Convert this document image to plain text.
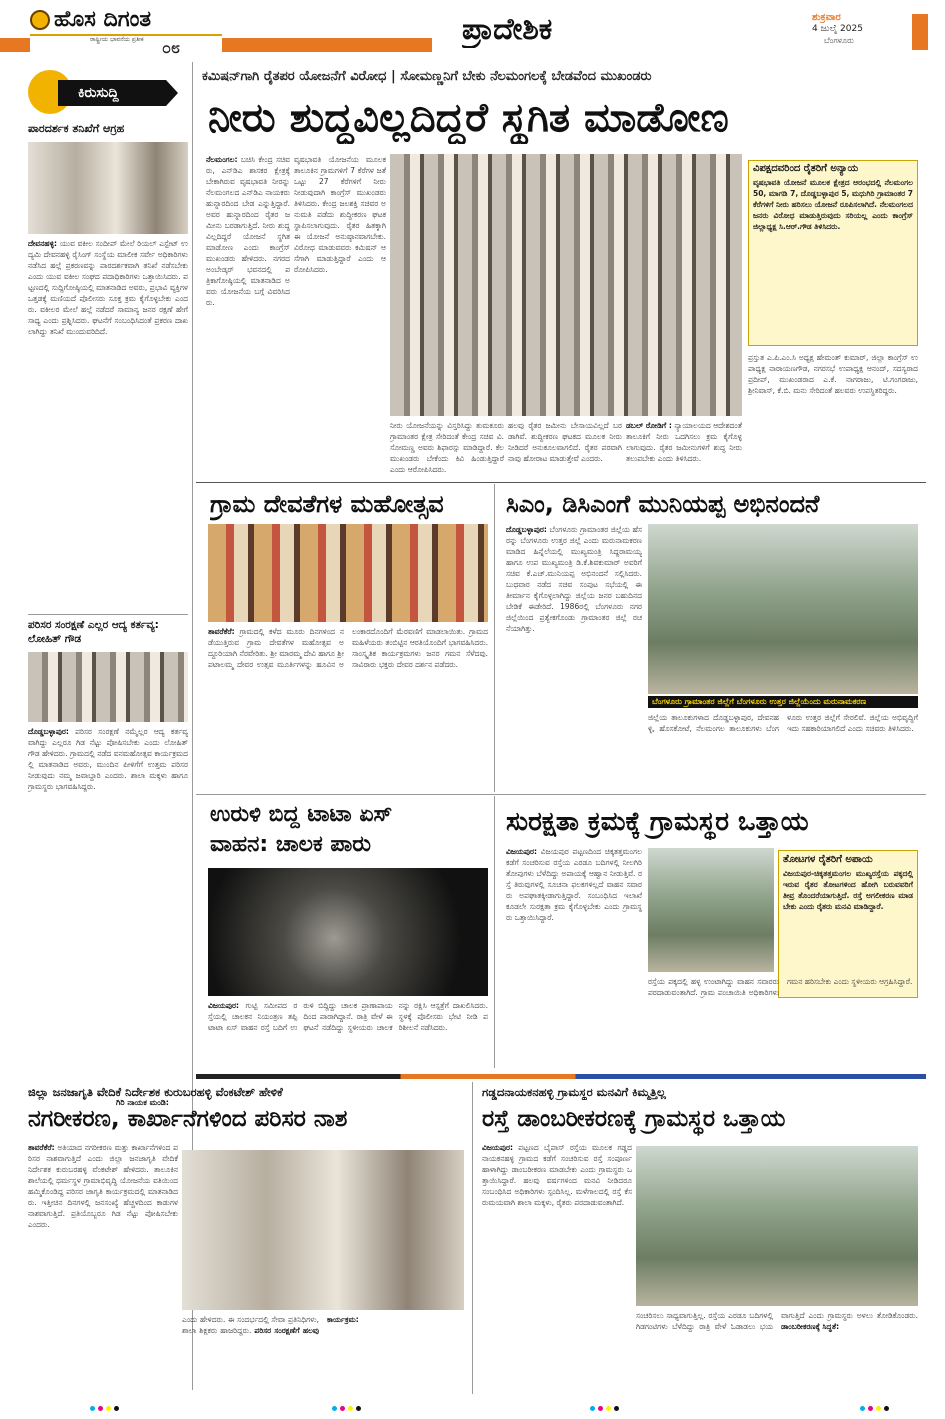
ಹೊಸ ದಿಗಂತ
ರಾಷ್ಟ್ರೀಯ ಭಾವನೆಯ ಪ್ರತೀಕ ೦೮
ಪ್ರಾದೇಶಿಕ	ಶುಕ್ರವಾರ
4 ಜುಲೈ 2025
ಬೆಂಗಳೂರು
ಕಿರುಸುದ್ದಿ
ಪಾರದರ್ಶಕ ತನಿಖೆಗೆ ಆಗ್ರಹ
ದೇವನಹಳ್ಳಿ: ಯುವ ವಕೀಲ ಸಂದೀಪ್ ಮೇಲೆ ರಿಯಲ್ ಎಸ್ಟೇಟ್ ಉದ್ಯಮಿ ದೇವನಹಳ್ಳಿ ರೈಸಿಂಗ್ ಸಂಸ್ಥೆಯ ಮಾಲೀಕ ಸರ್ವೇ ಅಧಿಕಾರಿಗಳು ನಡೆಸಿದ ಹಲ್ಲೆ ಪ್ರಕರಣವನ್ನು ಪಾರದರ್ಶಕವಾಗಿ ತನಿಖೆ ನಡೆಸಬೇಕು ಎಂದು ಯುವ ವಕೀಲ ಸಂಘದ ಪದಾಧಿಕಾರಿಗಳು ಒತ್ತಾಯಿಸಿದರು. ಪಟ್ಟಣದಲ್ಲಿ ಸುದ್ದಿಗೋಷ್ಠಿಯಲ್ಲಿ ಮಾತನಾಡಿದ ಅವರು, ಪ್ರಭಾವಿ ವ್ಯಕ್ತಿಗಳ ಒತ್ತಡಕ್ಕೆ ಮಣಿಯದೆ ಪೊಲೀಸರು ಸೂಕ್ತ ಕ್ರಮ ಕೈಗೊಳ್ಳಬೇಕು ಎಂದರು. ವಕೀಲರ ಮೇಲೆ ಹಲ್ಲೆ ನಡೆದರೆ ಸಾಮಾನ್ಯ ಜನರ ರಕ್ಷಣೆ ಹೇಗೆ ಸಾಧ್ಯ ಎಂದು ಪ್ರಶ್ನಿಸಿದರು. ಘಟನೆಗೆ ಸಂಬಂಧಿಸಿದಂತೆ ಪ್ರಕರಣ ದಾಖಲಾಗಿದ್ದು ತನಿಖೆ ಮುಂದುವರಿದಿದೆ.
ಪರಿಸರ ಸಂರಕ್ಷಣೆ ಎಲ್ಲರ ಆದ್ಯ ಕರ್ತವ್ಯ: ಲೋಹಿತ್ ಗೌಡ
ದೊಡ್ಡಬಳ್ಳಾಪುರ: ಪರಿಸರ ಸಂರಕ್ಷಣೆ ನಮ್ಮೆಲ್ಲರ ಆದ್ಯ ಕರ್ತವ್ಯವಾಗಿದ್ದು ಎಲ್ಲರೂ ಗಿಡ ನೆಟ್ಟು ಪೋಷಿಸಬೇಕು ಎಂದು ಲೋಹಿತ್ ಗೌಡ ಹೇಳಿದರು. ಗ್ರಾಮದಲ್ಲಿ ನಡೆದ ವನಮಹೋತ್ಸವ ಕಾರ್ಯಕ್ರಮದಲ್ಲಿ ಮಾತನಾಡಿದ ಅವರು, ಮುಂದಿನ ಪೀಳಿಗೆಗೆ ಉತ್ತಮ ಪರಿಸರ ನೀಡುವುದು ನಮ್ಮ ಜವಾಬ್ದಾರಿ ಎಂದರು. ಶಾಲಾ ಮಕ್ಕಳು ಹಾಗೂ ಗ್ರಾಮಸ್ಥರು ಭಾಗವಹಿಸಿದ್ದರು.
ಗಿರಿ ನಾಯಕ ಮಂಡಿ:
ಕಮಿಷನ್‌ಗಾಗಿ ರೈತಪರ ಯೋಜನೆಗೆ ವಿರೋಧ | ಸೋಮಣ್ಣನಿಗೆ ಬೇಕು ನೆಲಮಂಗಲಕ್ಕೆ ಬೇಡವೆಂದ ಮುಖಂಡರು
ನೀರು ಶುದ್ಧವಿಲ್ಲದಿದ್ದರೆ ಸ್ಥಗಿತ ಮಾಡೋಣ
ನೆಲಮಂಗಲ: ಬಚಿಸಿ ಕೇಂದ್ರ ಸಚಿವರು, ಎನ್‌ಡಿಎ ಶಾಸಕರ ಕ್ಷೇತ್ರಕ್ಕೆ ಬೇಕಾಗಿರುವ ವೃಷಭಾವತಿ ನೀರನ್ನು ನೆಲಮಂಗಲದ ಎನ್‌ಡಿಎ ನಾಯಕರು ಹುನ್ನಾರದಿಂದ ಬೇಡ ಎನ್ನುತ್ತಿದ್ದಾರೆ. ಅವರ ಹುನ್ನಾರದಿಂದ ರೈತರ ಜಮೀನು ಬರಡಾಗುತ್ತಿದೆ. ನೀರು ಶುದ್ಧವಿಲ್ಲದಿದ್ದರೆ ಯೋಜನೆ ಸ್ಥಗಿತ ಮಾಡೋಣ ಎಂದು ಕಾಂಗ್ರೆಸ್ ಮುಖಂಡರು ಹೇಳಿದರು. ನಗರದ ಅಂಬೇಡ್ಕರ್ ಭವನದಲ್ಲಿ ಪತ್ರಿಕಾಗೋಷ್ಠಿಯಲ್ಲಿ ಮಾತನಾಡಿದ ಅವರು ಯೋಜನೆಯ ಬಗ್ಗೆ ವಿವರಿಸಿದರು.
ವೃಷಭಾವತಿ ಯೋಜನೆಯ ಮೂಲಕ ತಾಲೂಕಿನ ಗ್ರಾಮಗಳಿಗೆ 7 ಕೆರೆಗಳ ಜತೆ ಒಟ್ಟು 27 ಕೆರೆಗಳಿಗೆ ನೀರು ನೀಡುವುದಾಗಿ ಕಾಂಗ್ರೆಸ್ ಮುಖಂಡರು ತಿಳಿಸಿದರು. ಕೇಂದ್ರ ಜಲಶಕ್ತಿ ಸಚಿವರ ಅನುಮತಿ ಪಡೆದು ಶುದ್ಧೀಕರಣ ಘಟಕ ಸ್ಥಾಪಿಸಲಾಗುವುದು. ರೈತರ ಹಿತಕ್ಕಾಗಿ ಈ ಯೋಜನೆ ಅನುಷ್ಠಾನವಾಗಬೇಕು. ವಿರೋಧ ಮಾಡುವವರು ಕಮಿಷನ್ ಆಸೆಗಾಗಿ ಮಾಡುತ್ತಿದ್ದಾರೆ ಎಂದು ಆರೋಪಿಸಿದರು.
ವಿಪಕ್ಷದವರಿಂದ ರೈತರಿಗೆ ಅನ್ಯಾಯ
ವೃಷಭಾವತಿ ಯೋಜನೆ ಮೂಲಕ ಕ್ಷೇತ್ರದ ಆರಂಭದಲ್ಲಿ ನೆಲಮಂಗಲ 50, ಮಾಗಡಿ 7, ದೊಡ್ಡಬಳ್ಳಾಪುರ 5, ಮಧುಗಿರಿ ಗ್ರಾಮಾಂತರ 7 ಕೆರೆಗಳಿಗೆ ನೀರು ಹರಿಸಲು ಯೋಜನೆ ರೂಪಿಸಲಾಗಿದೆ. ನೆಲಮಂಗಲದ ಜನರು ವಿರೋಧ ಮಾಡುತ್ತಿರುವುದು ಸರಿಯಲ್ಲ ಎಂದು ಕಾಂಗ್ರೆಸ್ ಜಿಲ್ಲಾಧ್ಯಕ್ಷ ಸಿ.ಆರ್.ಗೌಡ ತಿಳಿಸಿದರು.
ಪ್ರಸ್ತುತ ಎ.ಪಿ.ಎಂ.ಸಿ ಅಧ್ಯಕ್ಷ ಹೇಮಂತ್ ಕುಮಾರ್, ಜಿಲ್ಲಾ ಕಾಂಗ್ರೆಸ್ ಉಪಾಧ್ಯಕ್ಷ ನಾರಾಯಣಗೌಡ, ನಗರಸಭೆ ಉಪಾಧ್ಯಕ್ಷ ಆನಂದ್, ಸದಸ್ಯರಾದ ಪ್ರದೀಪ್, ಮುಖಂಡರಾದ ಎ.ಕೆ. ನಾಗರಾಜು, ಟಿ.ಗಂಗರಾಜು, ಶ್ರೀನಿವಾಸ್, ಕೆ.ಬಿ. ಮನು ಸೇರಿದಂತೆ ಹಲವರು ಉಪಸ್ಥಿತರಿದ್ದರು.
ನೀರು ಯೋಜನೆಯನ್ನು ವಿಸ್ತರಿಸಿದ್ದು ತುಮಕೂರು ಗ್ರಾಮಾಂತರ ಕ್ಷೇತ್ರ ಸೇರಿದಂತೆ ಕೇಂದ್ರ ಸಚಿವ ವಿ.ಸೋಮಣ್ಣ ಅವರು ಶಿಫಾರಸ್ಸು ಮಾಡಿದ್ದಾರೆ. ಕೆಲ ಮುಖಂಡರು ಬೇಕೆಂದು ಕಿವಿ ಹಿಂಡುತ್ತಿದ್ದಾರೆ ಎಂದು ಆರೋಪಿಸಿದರು.
ಹಲವು ರೈತರ ಜಮೀನು ಬೇಸಾಯವಿಲ್ಲದೆ ಬರಡಾಗಿವೆ. ಶುದ್ಧೀಕರಣ ಘಟಕದ ಮೂಲಕ ನೀರು ನೀಡಿದರೆ ಅನುಕೂಲವಾಗಲಿದೆ. ರೈತರ ಪರವಾಗಿ ನಾವು ಹೋರಾಟ ಮಾಡುತ್ತೇವೆ ಎಂದರು.
ಡಬಲ್ ರೋಡಿಗೆ : ನ್ಯಾಯಾಲಯದ ಆದೇಶದಂತೆ ತಾಲೂಕಿಗೆ ನೀರು ಒದಗಿಸಲು ಕ್ರಮ ಕೈಗೊಳ್ಳಲಾಗುವುದು. ರೈತರ ಜಮೀನುಗಳಿಗೆ ಶುದ್ಧ ನೀರು ತಲುಪಬೇಕು ಎಂದು ತಿಳಿಸಿದರು.
ಗ್ರಾಮ ದೇವತೆಗಳ ಮಹೋತ್ಸವ
ತಾವರೆಕೆರೆ: ಗ್ರಾಮದಲ್ಲಿ ಕಳೆದ ಮೂರು ದಿನಗಳಿಂದ ನಡೆಯುತ್ತಿರುವ ಗ್ರಾಮ ದೇವತೆಗಳ ಮಹೋತ್ಸವ ಅದ್ದೂರಿಯಾಗಿ ನೆರವೇರಿತು. ಶ್ರೀ ಮಾರಮ್ಮ ದೇವಿ ಹಾಗೂ ಶ್ರೀ ಪಟಾಲಮ್ಮ ದೇವರ ಉತ್ಸವ ಮೂರ್ತಿಗಳನ್ನು ಹೂವಿನ ಅಲಂಕಾರದೊಂದಿಗೆ ಮೆರವಣಿಗೆ ಮಾಡಲಾಯಿತು. ಗ್ರಾಮದ ಮಹಿಳೆಯರು ತಂಬಿಟ್ಟಿನ ಆರತಿಯೊಂದಿಗೆ ಭಾಗವಹಿಸಿದರು. ಸಾಂಸ್ಕೃತಿಕ ಕಾರ್ಯಕ್ರಮಗಳು ಜನರ ಗಮನ ಸೆಳೆದವು. ಸಾವಿರಾರು ಭಕ್ತರು ದೇವರ ದರ್ಶನ ಪಡೆದರು.
ಸಿಎಂ, ಡಿಸಿಎಂಗೆ ಮುನಿಯಪ್ಪ ಅಭಿನಂದನೆ
ದೊಡ್ಡಬಳ್ಳಾಪುರ: ಬೆಂಗಳೂರು ಗ್ರಾಮಾಂತರ ಜಿಲ್ಲೆಯ ಹೆಸರನ್ನು ಬೆಂಗಳೂರು ಉತ್ತರ ಜಿಲ್ಲೆ ಎಂದು ಮರುನಾಮಕರಣ ಮಾಡಿದ ಹಿನ್ನೆಲೆಯಲ್ಲಿ ಮುಖ್ಯಮಂತ್ರಿ ಸಿದ್ದರಾಮಯ್ಯ ಹಾಗೂ ಉಪ ಮುಖ್ಯಮಂತ್ರಿ ಡಿ.ಕೆ.ಶಿವಕುಮಾರ್ ಅವರಿಗೆ ಸಚಿವ ಕೆ.ಎಚ್.ಮುನಿಯಪ್ಪ ಅಭಿನಂದನೆ ಸಲ್ಲಿಸಿದರು. ಬುಧವಾರ ನಡೆದ ಸಚಿವ ಸಂಪುಟ ಸಭೆಯಲ್ಲಿ ಈ ತೀರ್ಮಾನ ಕೈಗೊಳ್ಳಲಾಗಿದ್ದು ಜಿಲ್ಲೆಯ ಜನರ ಬಹುದಿನದ ಬೇಡಿಕೆ ಈಡೇರಿದೆ. 1986ರಲ್ಲಿ ಬೆಂಗಳೂರು ನಗರ ಜಿಲ್ಲೆಯಿಂದ ಪ್ರತ್ಯೇಕಗೊಂಡು ಗ್ರಾಮಾಂತರ ಜಿಲ್ಲೆ ರಚನೆಯಾಗಿತ್ತು.
ಬೆಂಗಳೂರು ಗ್ರಾಮಾಂತರ ಜಿಲ್ಲೆಗೆ ಬೆಂಗಳೂರು ಉತ್ತರ ಜಿಲ್ಲೆಯೆಂದು ಮರುನಾಮಕರಣ
ಜಿಲ್ಲೆಯ ತಾಲೂಕುಗಳಾದ ದೊಡ್ಡಬಳ್ಳಾಪುರ, ದೇವನಹಳ್ಳಿ, ಹೊಸಕೋಟೆ, ನೆಲಮಂಗಲ ತಾಲೂಕುಗಳು ಬೆಂಗಳೂರು ಉತ್ತರ ಜಿಲ್ಲೆಗೆ ಸೇರಲಿವೆ. ಜಿಲ್ಲೆಯ ಅಭಿವೃದ್ಧಿಗೆ ಇದು ಸಹಕಾರಿಯಾಗಲಿದೆ ಎಂದು ಸಚಿವರು ತಿಳಿಸಿದರು.
ಉರುಳಿ ಬಿದ್ದ ಟಾಟಾ ಏಸ್
ವಾಹನ: ಚಾಲಕ ಪಾರು
ವಿಜಯಪುರ: ಗುಟ್ಟಿ ಸಮೀಪದ ರಸ್ತೆಯಲ್ಲಿ ಚಾಲಕನ ನಿಯಂತ್ರಣ ತಪ್ಪಿ ಟಾಟಾ ಏಸ್ ವಾಹನ ರಸ್ತೆ ಬದಿಗೆ ಉರುಳಿ ಬಿದ್ದಿದ್ದು ಚಾಲಕ ಪ್ರಾಣಾಪಾಯದಿಂದ ಪಾರಾಗಿದ್ದಾನೆ. ರಾತ್ರಿ ವೇಳೆ ಈ ಘಟನೆ ನಡೆದಿದ್ದು ಸ್ಥಳೀಯರು ಚಾಲಕನನ್ನು ರಕ್ಷಿಸಿ ಆಸ್ಪತ್ರೆಗೆ ದಾಖಲಿಸಿದರು. ಸ್ಥಳಕ್ಕೆ ಪೊಲೀಸರು ಭೇಟಿ ನೀಡಿ ಪರಿಶೀಲನೆ ನಡೆಸಿದರು.
ಸುರಕ್ಷತಾ ಕ್ರಮಕ್ಕೆ ಗ್ರಾಮಸ್ಥರ ಒತ್ತಾಯ
ವಿಜಯಪುರ: ವಿಜಯಪುರ ಪಟ್ಟಣದಿಂದ ಚಿಕ್ಕತತ್ತಮಂಗಲ ಕಡೆಗೆ ಸಂಚರಿಸುವ ರಸ್ತೆಯ ಎರಡೂ ಬದಿಗಳಲ್ಲಿ ನೀಲಗಿರಿ ತೋಪುಗಳು ಬೆಳೆದಿದ್ದು ಅಪಾಯಕ್ಕೆ ಆಹ್ವಾನ ನೀಡುತ್ತಿವೆ. ರಸ್ತೆ ತಿರುವುಗಳಲ್ಲಿ ಸೂಚನಾ ಫಲಕಗಳಿಲ್ಲದೆ ವಾಹನ ಸವಾರರು ಅಪಘಾತಕ್ಕೀಡಾಗುತ್ತಿದ್ದಾರೆ. ಸಂಬಂಧಿಸಿದ ಇಲಾಖೆ ಕೂಡಲೇ ಸುರಕ್ಷತಾ ಕ್ರಮ ಕೈಗೊಳ್ಳಬೇಕು ಎಂದು ಗ್ರಾಮಸ್ಥರು ಒತ್ತಾಯಿಸಿದ್ದಾರೆ.
ತೋಟಗಳ ರೈತರಿಗೆ ಅಪಾಯ
ವಿಜಯಪುರ-ಚಿಕ್ಕತತ್ತಮಂಗಲ ಮುಖ್ಯರಸ್ತೆಯ ಪಕ್ಕದಲ್ಲಿ ಇರುವ ರೈತರ ತೋಟಗಳಿಂದ ಹೋಗಿ ಬರುವವರಿಗೆ ತೀವ್ರ ತೊಂದರೆಯಾಗುತ್ತಿದೆ. ರಸ್ತೆ ಅಗಲೀಕರಣ ಮಾಡಬೇಕು ಎಂದು ರೈತರು ಮನವಿ ಮಾಡಿದ್ದಾರೆ.
ರಸ್ತೆಯ ಪಕ್ಕದಲ್ಲಿ ಹಳ್ಳ ಉಂಟಾಗಿದ್ದು ವಾಹನ ಸವಾರರು ಪರದಾಡುವಂತಾಗಿದೆ. ಗ್ರಾಮ ಪಂಚಾಯಿತಿ ಅಧಿಕಾರಿಗಳು ಗಮನ ಹರಿಸಬೇಕು ಎಂದು ಸ್ಥಳೀಯರು ಆಗ್ರಹಿಸಿದ್ದಾರೆ.
ಜಿಲ್ಲಾ ಜನಜಾಗೃತಿ ವೇದಿಕೆ ನಿರ್ದೇಶಕ ಕುರುಬರಹಳ್ಳಿ ವೆಂಕಟೇಶ್ ಹೇಳಿಕೆ
ನಗರೀಕರಣ, ಕಾರ್ಖಾನೆಗಳಿಂದ ಪರಿಸರ ನಾಶ
ತಾವರೆಕೆರೆ: ಅತಿಯಾದ ನಗರೀಕರಣ ಮತ್ತು ಕಾರ್ಖಾನೆಗಳಿಂದ ಪರಿಸರ ನಾಶವಾಗುತ್ತಿದೆ ಎಂದು ಜಿಲ್ಲಾ ಜನಜಾಗೃತಿ ವೇದಿಕೆ ನಿರ್ದೇಶಕ ಕುರುಬರಹಳ್ಳಿ ವೆಂಕಟೇಶ್ ಹೇಳಿದರು. ತಾಲೂಕಿನ ಶಾಲೆಯಲ್ಲಿ ಧರ್ಮಸ್ಥಳ ಗ್ರಾಮಾಭಿವೃದ್ಧಿ ಯೋಜನೆಯ ವತಿಯಿಂದ ಹಮ್ಮಿಕೊಂಡಿದ್ದ ಪರಿಸರ ಜಾಗೃತಿ ಕಾರ್ಯಕ್ರಮದಲ್ಲಿ ಮಾತನಾಡಿದರು. ಇತ್ತೀಚಿನ ದಿನಗಳಲ್ಲಿ ಜನಸಂಖ್ಯೆ ಹೆಚ್ಚಳದಿಂದ ಕಾಡುಗಳ ನಾಶವಾಗುತ್ತಿದೆ. ಪ್ರತಿಯೊಬ್ಬರೂ ಗಿಡ ನೆಟ್ಟು ಪೋಷಿಸಬೇಕು ಎಂದರು.
ಎಂದು ಹೇಳಿದರು. ಈ ಸಂದರ್ಭದಲ್ಲಿ ಸೇವಾ ಪ್ರತಿನಿಧಿಗಳು, ಶಾಲಾ ಶಿಕ್ಷಕರು ಹಾಜರಿದ್ದರು. ಪರಿಸರ ಸಂರಕ್ಷಣೆಗೆ ಹಲವು ಕಾರ್ಯಕ್ರಮ:
ಗಡ್ಡದನಾಯಕನಹಳ್ಳಿ ಗ್ರಾಮಸ್ಥರ ಮನವಿಗೆ ಕಿಮ್ಮತ್ತಿಲ್ಲ
ರಸ್ತೆ ಡಾಂಬರೀಕರಣಕ್ಕೆ ಗ್ರಾಮಸ್ಥರ ಒತ್ತಾಯ
ವಿಜಯಪುರ: ಪಟ್ಟಣದ ಬೈಪಾಸ್ ರಸ್ತೆಯ ಮೂಲಕ ಗಡ್ಡದನಾಯಕನಹಳ್ಳಿ ಗ್ರಾಮದ ಕಡೆಗೆ ಸಂಚರಿಸುವ ರಸ್ತೆ ಸಂಪೂರ್ಣ ಹಾಳಾಗಿದ್ದು ಡಾಂಬರೀಕರಣ ಮಾಡಬೇಕು ಎಂದು ಗ್ರಾಮಸ್ಥರು ಒತ್ತಾಯಿಸಿದ್ದಾರೆ. ಹಲವು ವರ್ಷಗಳಿಂದ ಮನವಿ ನೀಡಿದರೂ ಸಂಬಂಧಿಸಿದ ಅಧಿಕಾರಿಗಳು ಸ್ಪಂದಿಸಿಲ್ಲ. ಮಳೆಗಾಲದಲ್ಲಿ ರಸ್ತೆ ಕೆಸರುಮಯವಾಗಿ ಶಾಲಾ ಮಕ್ಕಳು, ರೈತರು ಪರದಾಡುವಂತಾಗಿದೆ.
ಸಂಚರಿಸಲು ಸಾಧ್ಯವಾಗುತ್ತಿಲ್ಲ. ರಸ್ತೆಯ ಎರಡೂ ಬದಿಗಳಲ್ಲಿ ಗಿಡಗಂಟಿಗಳು ಬೆಳೆದಿದ್ದು ರಾತ್ರಿ ವೇಳೆ ಓಡಾಡಲು ಭಯವಾಗುತ್ತಿದೆ ಎಂದು ಗ್ರಾಮಸ್ಥರು ಅಳಲು ತೋಡಿಕೊಂಡರು. ಡಾಂಬರೀಕರಣಕ್ಕೆ ಸಿದ್ಧತೆ:
